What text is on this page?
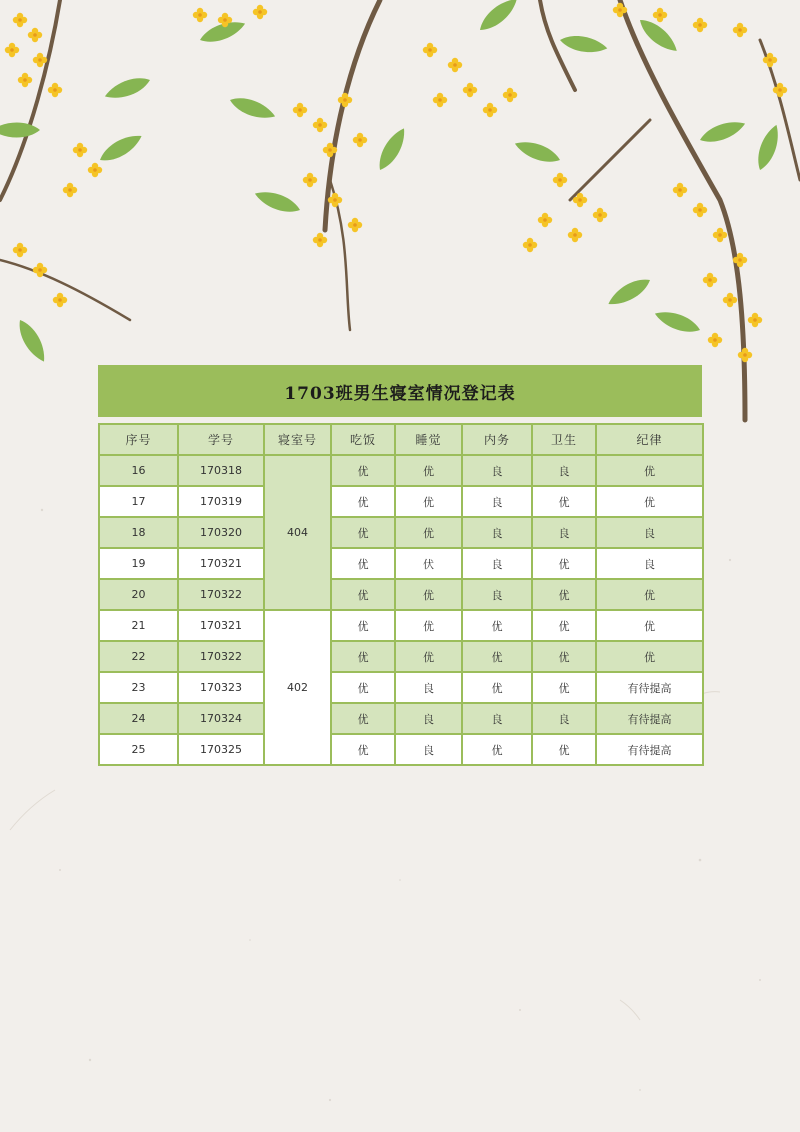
1703班男生寝室情况登记表
序号	学号	寝室号	吃饭	睡觉	内务	卫生	纪律
16	170318	404	优	优	良	良	优
17	170319		优	优	良	优	优
18	170320		优	优	良	良	良
19	170321		优	伏	良	优	良
20	170322		优	优	良	优	优
21	170321	402	优	优	优	优	优
22	170322		优	优	优	优	优
23	170323		优	良	优	优	有待提高
24	170324		优	良	良	良	有待提高
25	170325		优	良	优	优	有待提高
